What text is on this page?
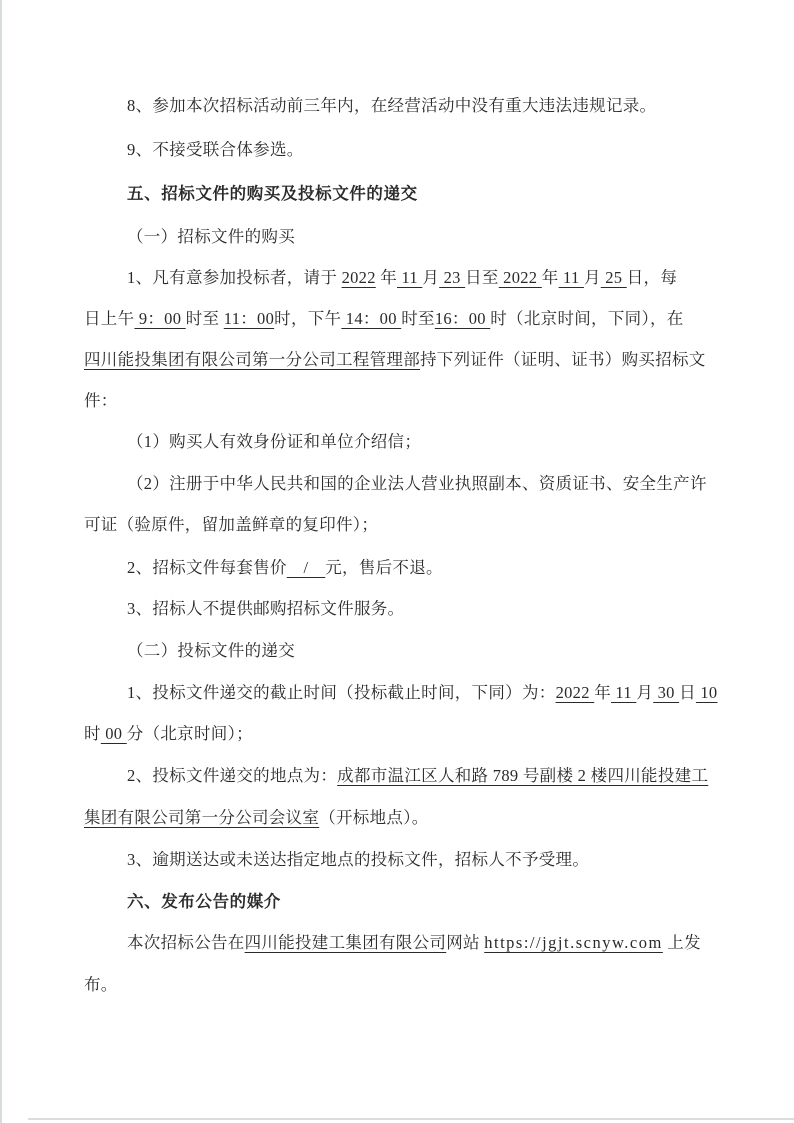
8、参加本次招标活动前三年内，在经营活动中没有重大违法违规记录。
9、不接受联合体参选。
五、招标文件的购买及投标文件的递交
（一）招标文件的购买
1、凡有意参加投标者，请于 2022 年 11 月 23 日至 2022 年 11 月 25 日，每
日上午 9：00 时至 11：00时，下午 14：00 时至16：00 时（北京时间，下同），在
四川能投集团有限公司第一分公司工程管理部持下列证件（证明、证书）购买招标文
件：
（1）购买人有效身份证和单位介绍信；
（2）注册于中华人民共和国的企业法人营业执照副本、资质证书、安全生产许
可证（验原件，留加盖鲜章的复印件）；
2、招标文件每套售价　/　元，售后不退。
3、招标人不提供邮购招标文件服务。
（二）投标文件的递交
1、投标文件递交的截止时间（投标截止时间，下同）为：2022 年 11 月 30 日 10
时 00 分（北京时间）；
2、投标文件递交的地点为：成都市温江区人和路 789 号副楼 2 楼四川能投建工
集团有限公司第一分公司会议室（开标地点）。
3、逾期送达或未送达指定地点的投标文件，招标人不予受理。
六、发布公告的媒介
本次招标公告在四川能投建工集团有限公司网站 https://jgjt.scnyw.com 上发
布。
